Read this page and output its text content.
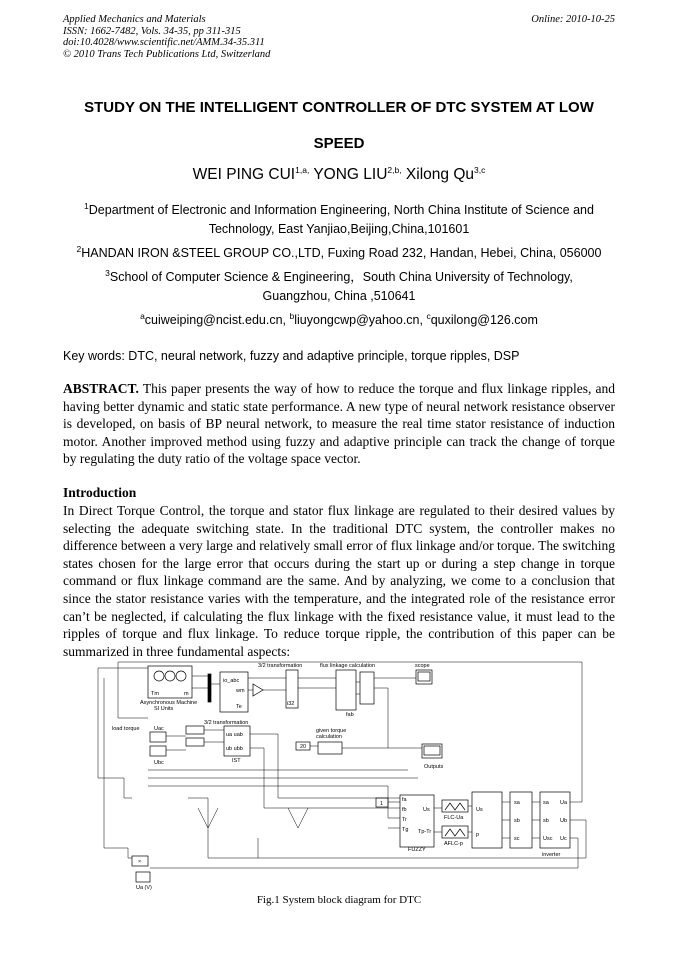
Applied Mechanics and Materials
ISSN: 1662-7482, Vols. 34-35, pp 311-315
doi:10.4028/www.scientific.net/AMM.34-35.311
© 2010 Trans Tech Publications Ltd, Switzerland
Online: 2010-10-25
STUDY ON THE INTELLIGENT CONTROLLER OF DTC SYSTEM AT LOW
SPEED
WEI PING $CUI^{1,a,}$ YONG $LIU^{2,b,}$ Xilong Qu$^{3,c}$
$^1$Department of Electronic and Information Engineering, North China Institute of Science and
Technology, East Yanjiao,Beijing,China,101601
$^2$HANDAN IRON &STEEL GROUP CO.,LTD, Fuxing Road 232, Handan, Hebei, China, 056000
$^3$School of Computer Science & Engineering，South China University of Technology,
Guangzhou, China ,510641
$^a$cuiweiping@ncist.edu.cn, $^b$liuyongcwp@yahoo.cn, $^c$quxilong@126.com
Key words: DTC, neural network, fuzzy and adaptive principle, torque ripples, DSP
ABSTRACT. This paper presents the way of how to reduce the torque and flux linkage ripples, and having better dynamic and static state performance. A new type of neural network resistance observer is developed, on basis of BP neural network, to measure the real time stator resistance of induction motor. Another improved method using fuzzy and adaptive principle can track the change of torque by regulating the duty ratio of the voltage space vector.
Introduction
In Direct Torque Control, the torque and stator flux linkage are regulated to their desired values by selecting the adequate switching state. In the traditional DTC system, the controller makes no difference between a very large and relatively small error of flux linkage and/or torque. The switching states chosen for the large error that occurs during the start up or during a step change in torque command or flux linkage command are the same. And by analyzing, we come to a conclusion that since the stator resistance varies with the temperature, and the integrated role of the resistance error can’t be neglected, if calculating the flux linkage with the fixed resistance value, it must lead to the ripples of torque and flux linkage. To reduce torque ripple, the contribution of this paper can be summarized in three fundamental aspects:
Tm	m
Asynchronous Machine
SI Units
io_abc
wm
Te
3/2 transformation
i32
flux linkage calculation
fab
scope
load torque	Uac
Ubc
3/2 transformation
ua uab
ub ubb
IST
given torque
calculation
20
Outputs
1
fa
fb
Tr
Tg
Us
Tp-Tr
FUZZY
FLC-Ua
AFLC-p
Us
p
sa
sb
sc
sa Ua
sb Ub
Usc Uc
inverter
×
Ua (V)
Fig.1 System block diagram for DTC
